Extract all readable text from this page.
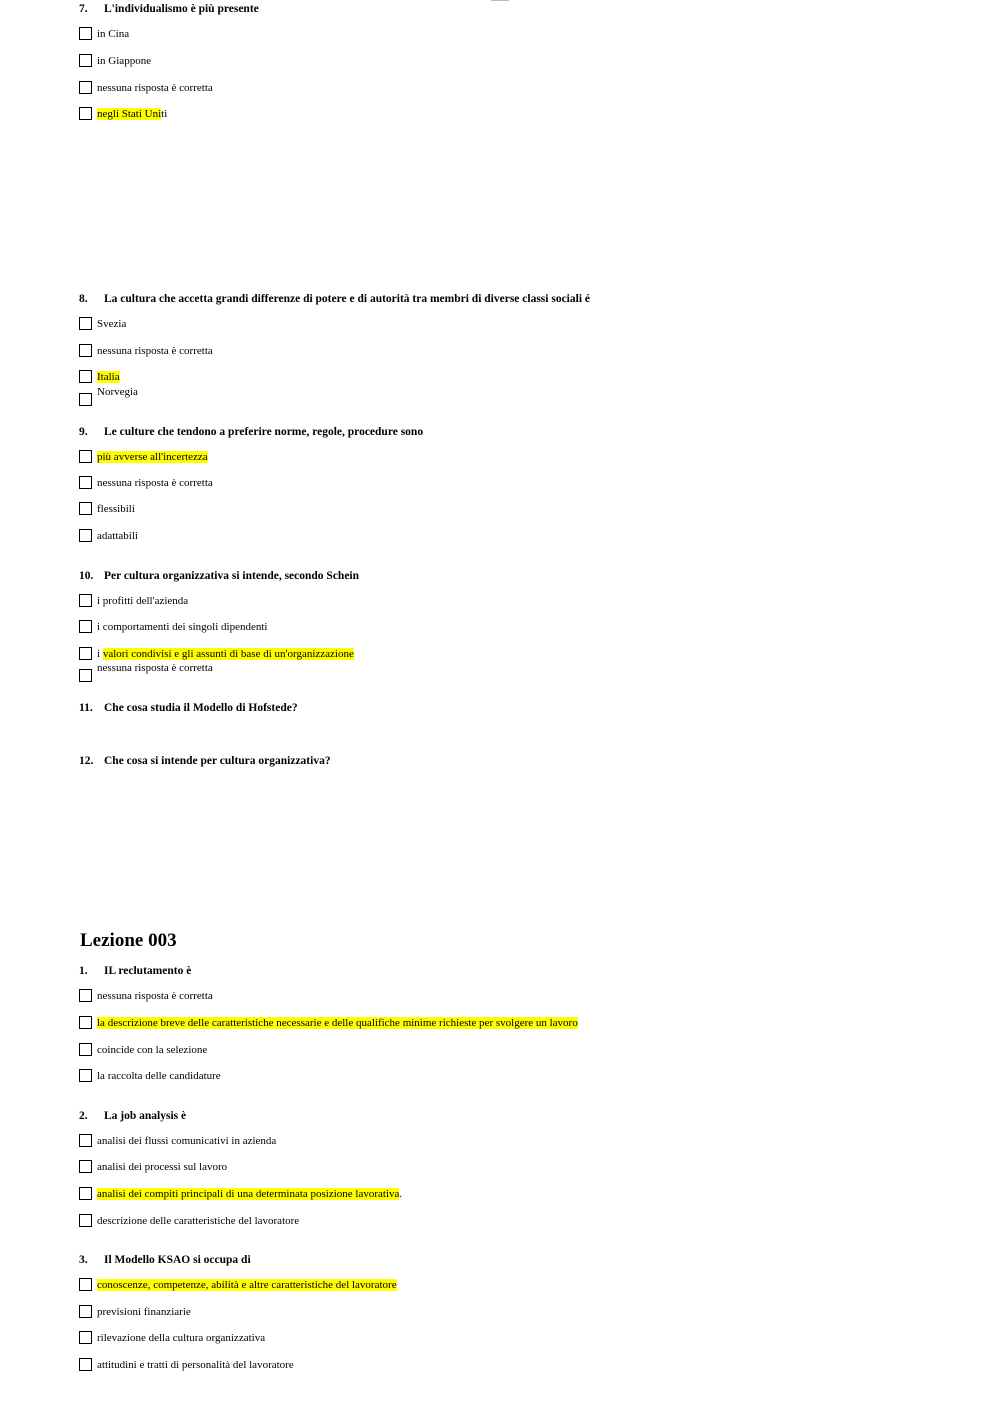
7. L'individualismo è più presente
in Cina
in Giappone
nessuna risposta è corretta
negli Stati Uniti
8. La cultura che accetta grandi differenze di potere e di autorità tra membri di diverse classi sociali é
Svezia
nessuna risposta è corretta
Italia
Norvegia
9. Le culture che tendono a preferire norme, regole, procedure sono
più avverse all'incertezza
nessuna risposta è corretta
flessibili
adattabili
10. Per cultura organizzativa si intende, secondo Schein
i profitti dell'azienda
i comportamenti dei singoli dipendenti
i valori condivisi e gli assunti di base di un'organizzazione
nessuna risposta è corretta
11. Che cosa studia il Modello di Hofstede?
12. Che cosa si intende per cultura organizzativa?
Lezione 003
1. IL reclutamento è
nessuna risposta è corretta
la descrizione breve delle caratteristiche necessarie e delle qualifiche minime richieste per svolgere un lavoro
coincide con la selezione
la raccolta delle candidature
2. La job analysis è
analisi dei flussi comunicativi in azienda
analisi dei processi sul lavoro
analisi dei compiti principali di una determinata posizione lavorativa.
descrizione delle caratteristiche del lavoratore
3. Il Modello KSAO si occupa di
conoscenze, competenze, abilità e altre caratteristiche del lavoratore
previsioni finanziarie
rilevazione della cultura organizzativa
attitudini e tratti di personalità del lavoratore
